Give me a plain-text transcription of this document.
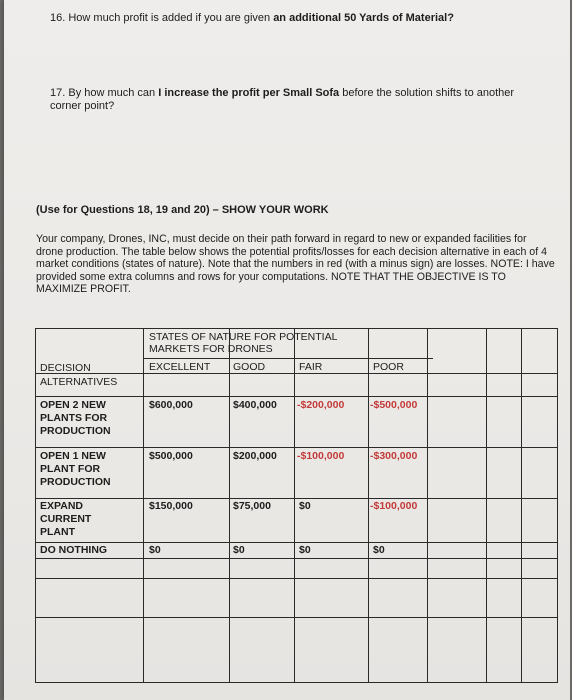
16. How much profit is added if you are given an additional 50 Yards of Material?
17. By how much can I increase the profit per Small Sofa before the solution shifts to another corner point?
(Use for Questions 18, 19 and 20) – SHOW YOUR WORK
Your company, Drones, INC, must decide on their path forward in regard to new or expanded facilities for drone production. The table below shows the potential profits/losses for each decision alternative in each of 4 market conditions (states of nature). Note that the numbers in red (with a minus sign) are losses. NOTE: I have provided some extra columns and rows for your computations. NOTE THAT THE OBJECTIVE IS TO MAXIMIZE PROFIT.
STATES OF NATURE FOR POTENTIAL
MARKETS FOR DRONES
EXCELLENT GOOD	FAIR	POOR
DECISION
ALTERNATIVES
OPEN 2 NEW
PLANTS FOR
PRODUCTION
$600,000	$400,000 -$200,000 -$500,000
OPEN 1 NEW
PLANT FOR
PRODUCTION
$500,000	$200,000 -$100,000 -$300,000
EXPAND
CURRENT
PLANT
$150,000	$75,000	$0	-$100,000
DO NOTHING	$0	$0	$0	$0
